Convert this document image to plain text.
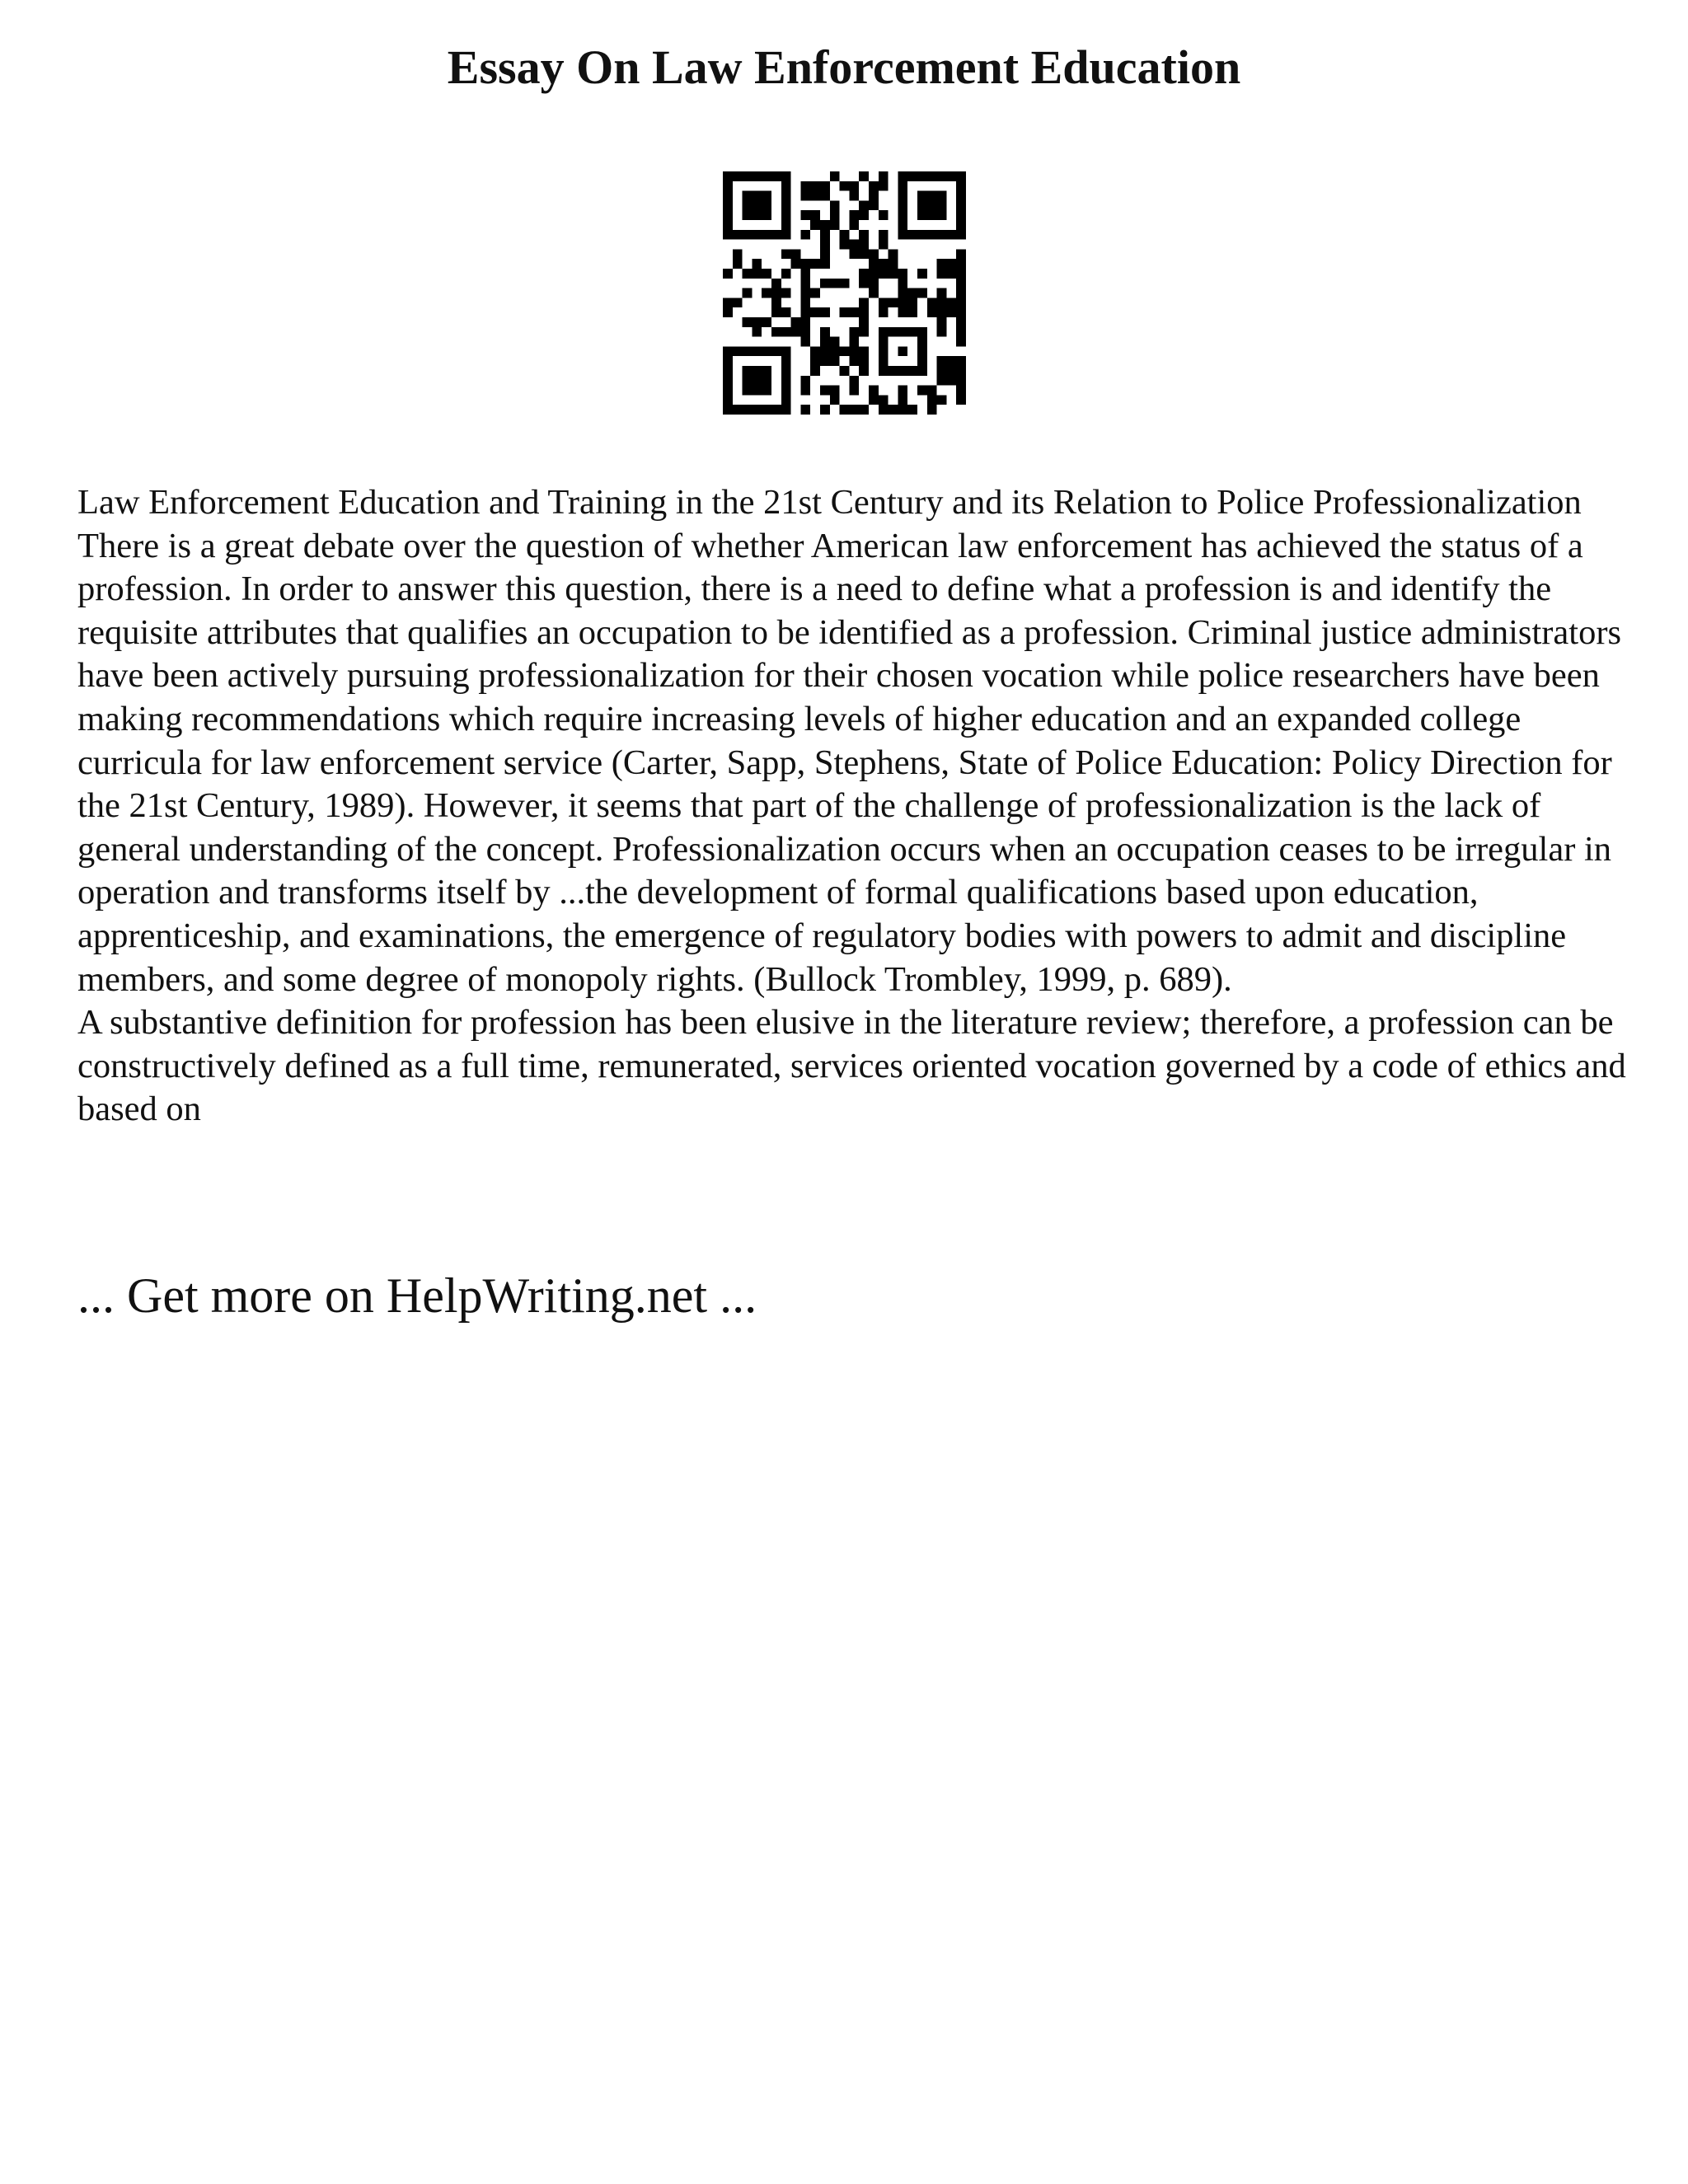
Essay On Law Enforcement Education

Law Enforcement Education and Training in the 21st Century and its Relation to Police Professionalization

There is a great debate over the question of whether American law enforcement has achieved the status of a profession. In order to answer this question, there is a need to define what a profession is and identify the requisite attributes that qualifies an occupation to be identified as a profession. Criminal justice administrators have been actively pursuing professionalization for their chosen vocation while police researchers have been making recommendations which require increasing levels of higher education and an expanded college curricula for law enforcement service (Carter, Sapp, Stephens, State of Police Education: Policy Direction for the 21st Century, 1989). However, it seems that part of the challenge of professionalization is the lack of general understanding of the concept. Professionalization occurs when an occupation ceases to be irregular in operation and transforms itself by ...the development of formal qualifications based upon education, apprenticeship, and examinations, the emergence of regulatory bodies with powers to admit and discipline members, and some degree of monopoly rights. (Bullock Trombley, 1999, p. 689).

A substantive definition for profession has been elusive in the literature review; therefore, a profession can be constructively defined as a full time, remunerated, services oriented vocation governed by a code of ethics and based on

... Get more on HelpWriting.net ...
